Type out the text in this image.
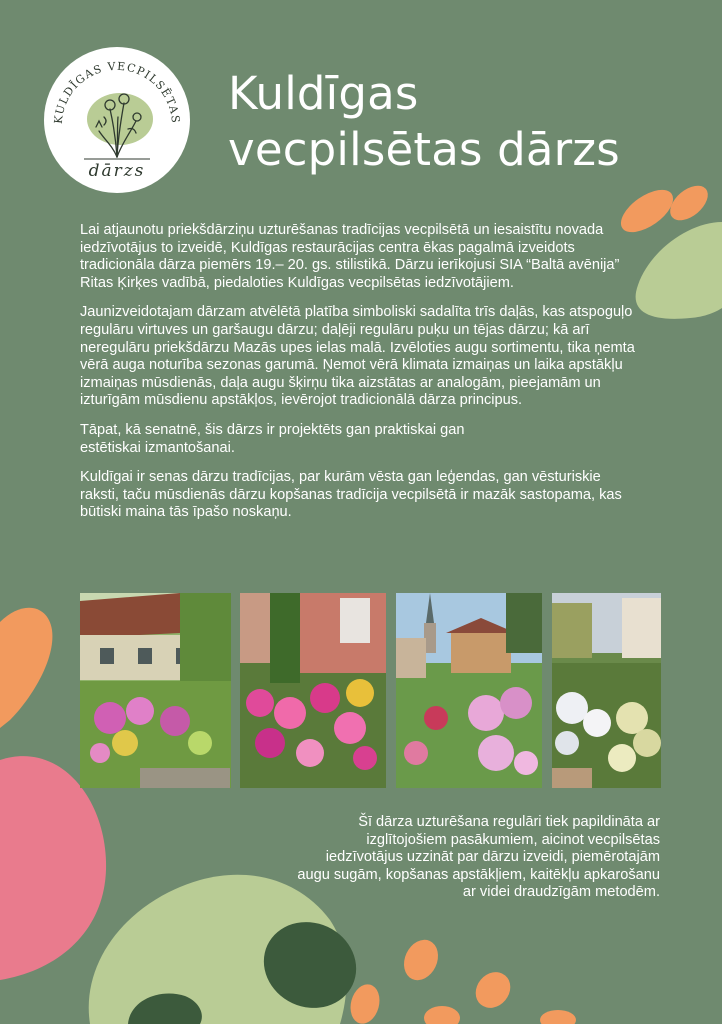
KULDĪGAS VECPILSĒTAS
dārzs
Kuldīgas
vecpilsētas dārzs

Lai atjaunotu priekšdārziņu uzturēšanas tradīcijas vecpilsētā un iesaistītu novada iedzīvotājus to izveidē, Kuldīgas restaurācijas centra ēkas pagalmā izveidots tradicionāla dārza piemērs 19.– 20. gs. stilistikā. Dārzu ierīkojusi SIA “Baltā avēnija” Ritas Ķirķes vadībā, piedaloties Kuldīgas vecpilsētas iedzīvotājiem.

Jaunizveidotajam dārzam atvēlētā platība simboliski sadalīta trīs daļās, kas atspoguļo regulāru virtuves un garšaugu dārzu; daļēji regulāru puķu un tējas dārzu; kā arī neregulāru priekšdārzu Mazās upes ielas malā. Izvēloties augu sortimentu, tika ņemta vērā auga noturība sezonas garumā. Ņemot vērā klimata izmaiņas un laika apstākļu izmaiņas mūsdienās, daļa augu šķirņu tika aizstātas ar analogām, pieejamām un izturīgām mūsdienu apstākļos, ievērojot tradicionālā dārza principus.

Tāpat, kā senatnē, šis dārzs ir projektēts gan praktiskai gan estētiskai izmantošanai.

Kuldīgai ir senas dārzu tradīcijas, par kurām vēsta gan leģendas, gan vēsturiskie raksti, taču mūsdienās dārzu kopšanas tradīcija vecpilsētā ir mazāk sastopama, kas būtiski maina tās īpašo noskaņu.

Šī dārza uzturēšana regulāri tiek papildināta ar izglītojošiem pasākumiem, aicinot vecpilsētas iedzīvotājus uzzināt par dārzu izveidi, piemērotajām augu sugām, kopšanas apstākļiem, kaitēkļu apkarošanu ar videi draudzīgām metodēm.
